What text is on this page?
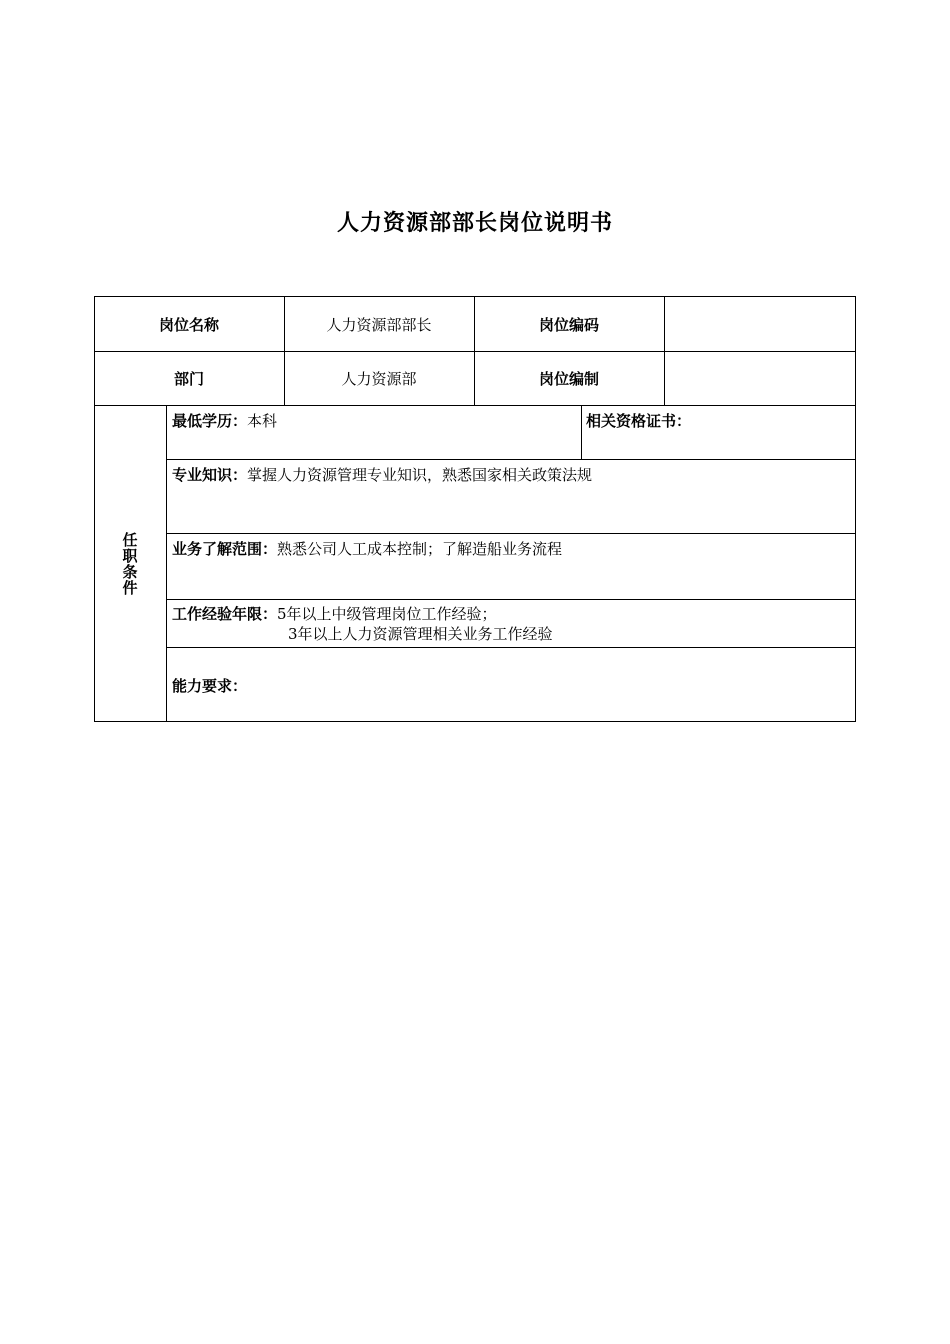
人力资源部部长岗位说明书
岗位名称	人力资源部部长	岗位编码
部门	人力资源部	岗位编制
任职条件
最低学历：本科	相关资格证书：
专业知识：掌握人力资源管理专业知识，熟悉国家相关政策法规
业务了解范围：熟悉公司人工成本控制；了解造船业务流程
工作经验年限：5年以上中级管理岗位工作经验；
3年以上人力资源管理相关业务工作经验
能力要求：
